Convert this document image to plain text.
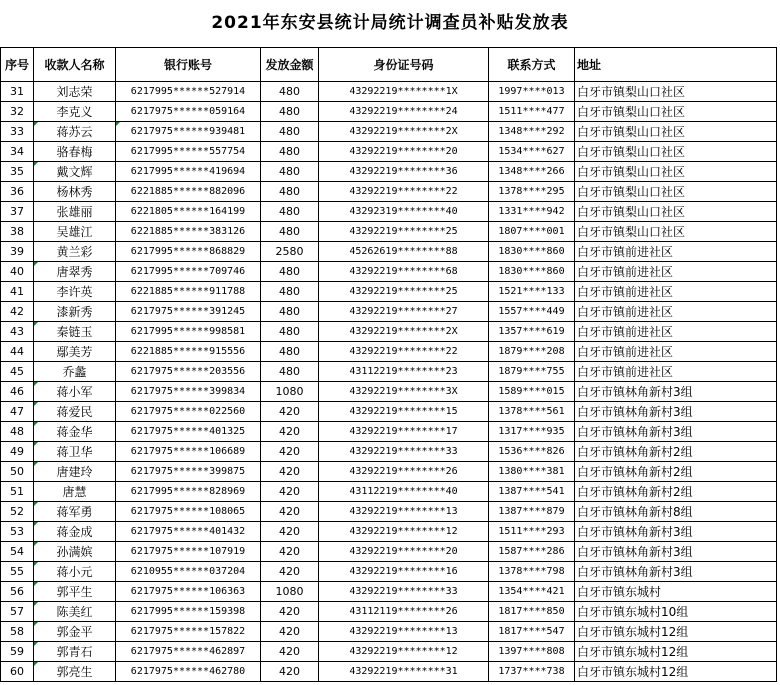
2021年东安县统计局统计调查员补贴发放表
序号	收款人名称	银行账号	发放金额	身份证号码	联系方式	地址
31	刘志荣	6217995******527914	480	43292219********1X	1997****013	白牙市镇梨山口社区
32	李克义	6217975******059164	480	43292219********24	1511****477	白牙市镇梨山口社区
33	蒋苏云	6217975******939481	480	43292219********2X	1348****292	白牙市镇梨山口社区
34	骆春梅	6217995******557754	480	43292219********20	1534****627	白牙市镇梨山口社区
35	戴文辉	6217995******419694	480	43292219********36	1348****266	白牙市镇梨山口社区
36	杨林秀	6221885******882096	480	43292219********22	1378****295	白牙市镇梨山口社区
37	张雄丽	6221805******164199	480	43292319********40	1331****942	白牙市镇梨山口社区
38	吴雄江	6221885******383126	480	43292219********25	1807****001	白牙市镇梨山口社区
39	黄兰彩	6217995******868829	2580	45262619********88	1830****860	白牙市镇前进社区
40	唐翠秀	6217995******709746	480	43292219********68	1830****860	白牙市镇前进社区
41	李许英	6221885******911788	480	43292219********25	1521****133	白牙市镇前进社区
42	漆新秀	6217975******391245	480	43292219********27	1557****449	白牙市镇前进社区
43	秦链玉	6217995******998581	480	43292219********2X	1357****619	白牙市镇前进社区
44	鄢美芳	6221885******915556	480	43292219********22	1879****208	白牙市镇前进社区
45	乔蠡	6217975******203556	480	43112219********23	1879****755	白牙市镇前进社区
46	蒋小军	6217975******399834	1080	43292219********3X	1589****015	白牙市镇林角新村3组
47	蒋爱民	6217975******022560	420	43292219********15	1378****561	白牙市镇林角新村3组
48	蒋金华	6217975******401325	420	43292219********17	1317****935	白牙市镇林角新村3组
49	蒋卫华	6217975******106689	420	43292219********33	1536****826	白牙市镇林角新村2组
50	唐建玲	6217975******399875	420	43292219********26	1380****381	白牙市镇林角新村2组
51	唐慧	6217995******828969	420	43112219********40	1387****541	白牙市镇林角新村2组
52	蒋军勇	6217975******108065	420	43292219********13	1387****879	白牙市镇林角新村8组
53	蒋金成	6217975******401432	420	43292219********12	1511****293	白牙市镇林角新村3组
54	孙满嫔	6217975******107919	420	43292219********20	1587****286	白牙市镇林角新村3组
55	蒋小元	6210955******037204	420	43292219********16	1378****798	白牙市镇林角新村3组
56	郭平生	6217975******106363	1080	43292219********33	1354****421	白牙市镇东城村
57	陈美红	6217995******159398	420	43112119********26	1817****850	白牙市镇东城村10组
58	郭金平	6217975******157822	420	43292219********13	1817****547	白牙市镇东城村12组
59	郭青石	6217975******462897	420	43292219********12	1397****808	白牙市镇东城村12组
60	郭亮生	6217975******462780	420	43292219********31	1737****738	白牙市镇东城村12组
